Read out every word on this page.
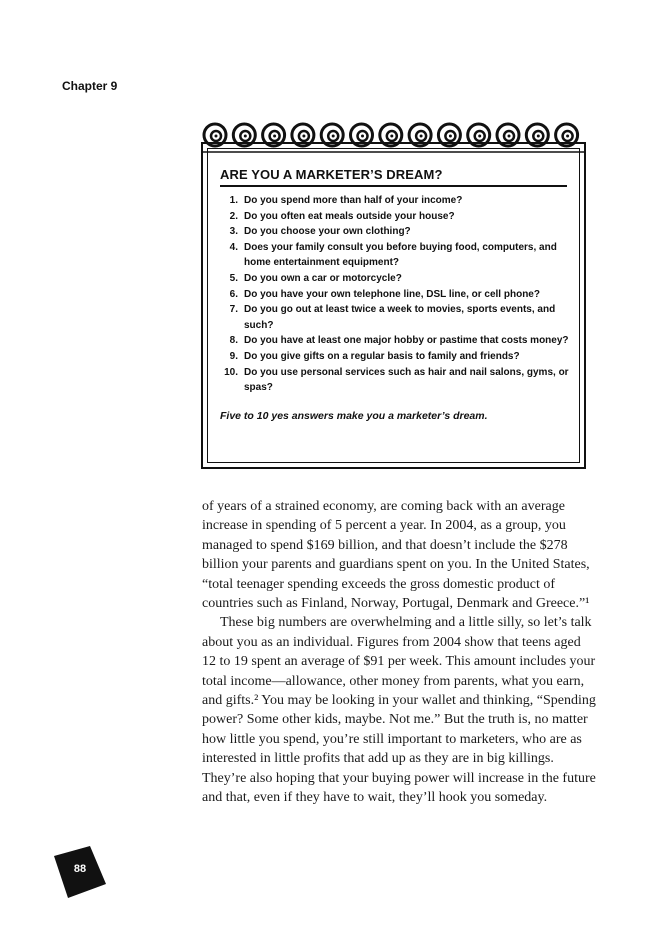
Chapter 9
ARE YOU A MARKETER’S DREAM?
1. Do you spend more than half of your income?
2. Do you often eat meals outside your house?
3. Do you choose your own clothing?
4. Does your family consult you before buying food, computers, and home entertainment equipment?
5. Do you own a car or motorcycle?
6. Do you have your own telephone line, DSL line, or cell phone?
7. Do you go out at least twice a week to movies, sports events, and such?
8. Do you have at least one major hobby or pastime that costs money?
9. Do you give gifts on a regular basis to family and friends?
10. Do you use personal services such as hair and nail salons, gyms, or spas?
Five to 10 yes answers make you a marketer’s dream.

of years of a strained economy, are coming back with an average increase in spending of 5 percent a year. In 2004, as a group, you managed to spend $169 billion, and that doesn’t include the $278 billion your parents and guardians spent on you. In the United States, “total teenager spending exceeds the gross domestic product of countries such as Finland, Norway, Portugal, Denmark and Greece.”¹

These big numbers are overwhelming and a little silly, so let’s talk about you as an individual. Figures from 2004 show that teens aged 12 to 19 spent an average of $91 per week. This amount includes your total income—allowance, other money from parents, what you earn, and gifts.² You may be looking in your wallet and thinking, “Spending power? Some other kids, maybe. Not me.” But the truth is, no matter how little you spend, you’re still important to marketers, who are as interested in little profits that add up as they are in big killings. They’re also hoping that your buying power will increase in the future and that, even if they have to wait, they’ll hook you someday.

88
